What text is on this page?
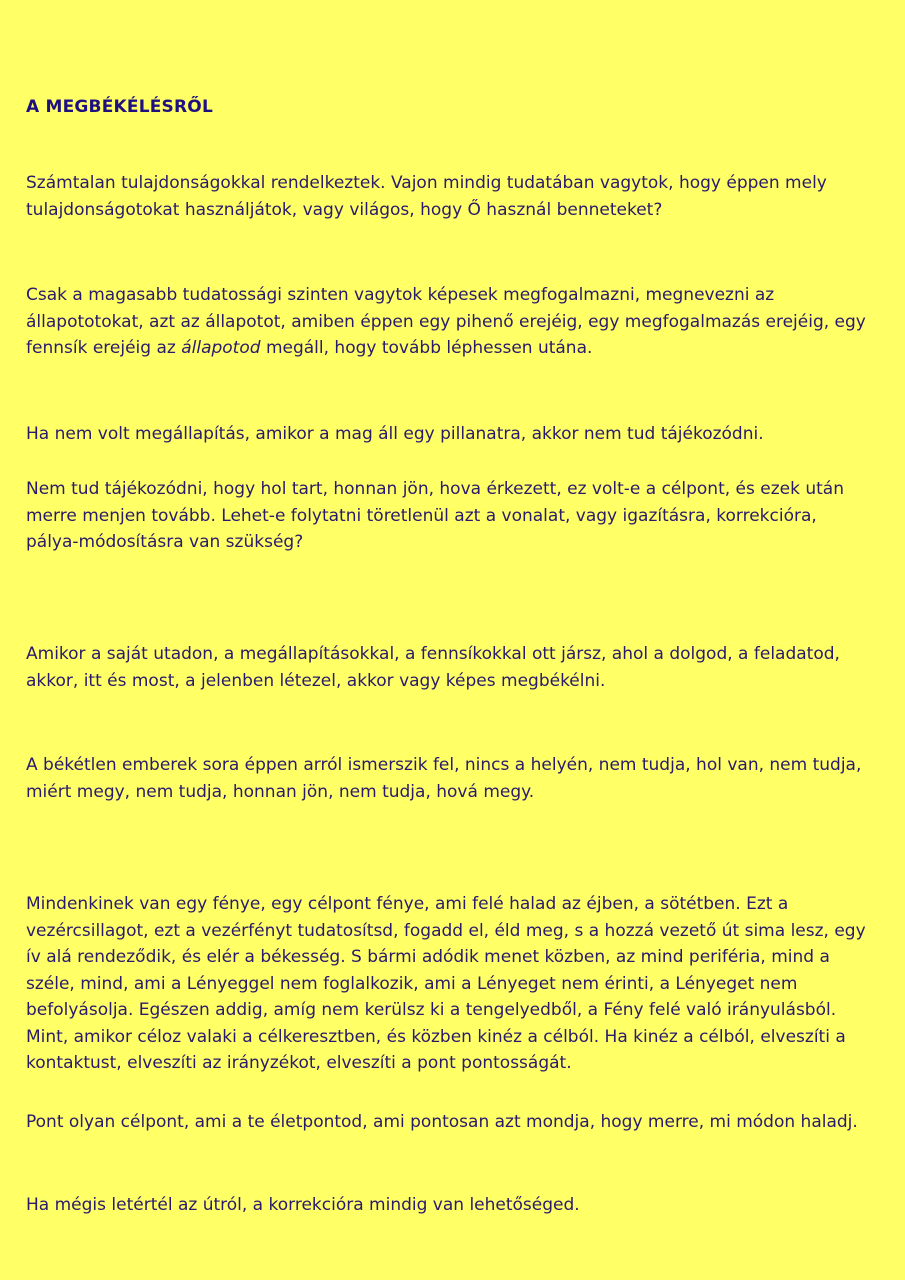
A MEGBÉKÉLÉSRŐL

Számtalan tulajdonságokkal rendelkeztek. Vajon mindig tudatában vagytok, hogy éppen mely tulajdonságotokat használjátok, vagy világos, hogy Ő használ benneteket?

Csak a magasabb tudatossági szinten vagytok képesek megfogalmazni, megnevezni az állapototokat, azt az állapotot, amiben éppen egy pihenő erejéig, egy megfogalmazás erejéig, egy fennsík erejéig az állapotod megáll, hogy tovább léphessen utána.

Ha nem volt megállapítás, amikor a mag áll egy pillanatra, akkor nem tud tájékozódni.

Nem tud tájékozódni, hogy hol tart, honnan jön, hova érkezett, ez volt-e a célpont, és ezek után merre menjen tovább. Lehet-e folytatni töretlenül azt a vonalat, vagy igazításra, korrekcióra, pálya-módosításra van szükség?

Amikor a saját utadon, a megállapításokkal, a fennsíkokkal ott jársz, ahol a dolgod, a feladatod, akkor, itt és most, a jelenben létezel, akkor vagy képes megbékélni.

A békétlen emberek sora éppen arról ismerszik fel, nincs a helyén, nem tudja, hol van, nem tudja, miért megy, nem tudja, honnan jön, nem tudja, hová megy.

Mindenkinek van egy fénye, egy célpont fénye, ami felé halad az éjben, a sötétben. Ezt a vezércsillagot, ezt a vezérfényt tudatosítsd, fogadd el, éld meg, s a hozzá vezető út sima lesz, egy ív alá rendeződik, és elér a békesség. S bármi adódik menet közben, az mind periféria, mind a széle, mind, ami a Lényeggel nem foglalkozik, ami a Lényeget nem érinti, a Lényeget nem befolyásolja. Egészen addig, amíg nem kerülsz ki a tengelyedből, a Fény felé való irányulásból. Mint, amikor céloz valaki a célkeresztben, és közben kinéz a célból. Ha kinéz a célból, elveszíti a kontaktust, elveszíti az irányzékot, elveszíti a pont pontosságát.

Pont olyan célpont, ami a te életpontod, ami pontosan azt mondja, hogy merre, mi módon haladj.

Ha mégis letértél az útról, a korrekcióra mindig van lehetőséged.
